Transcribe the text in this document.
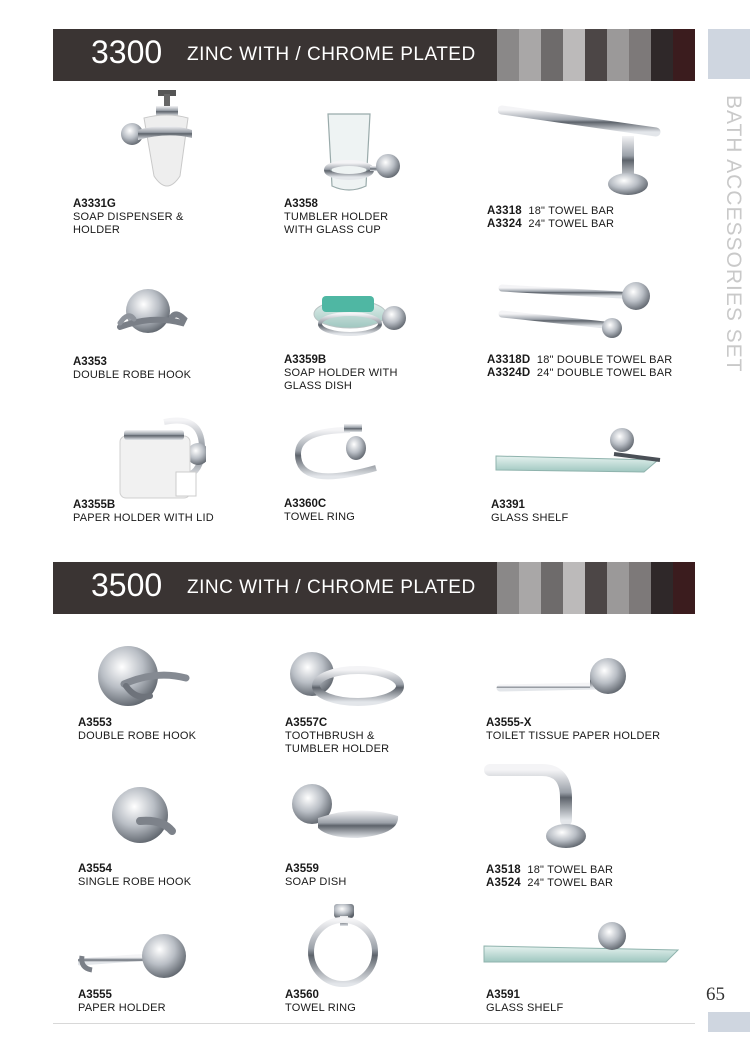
3300 ZINC WITH / CHROME PLATED
3500 ZINC WITH / CHROME PLATED
BATH ACCESSORIES SET
65
A3331G
SOAP DISPENSER &
HOLDER
A3358
TUMBLER HOLDER
WITH GLASS CUP
A3318 18" TOWEL BAR
A3324 24" TOWEL BAR
A3353
DOUBLE ROBE HOOK
A3359B
SOAP HOLDER WITH
GLASS DISH
A3318D 18" DOUBLE TOWEL BAR
A3324D 24" DOUBLE TOWEL BAR
A3355B
PAPER HOLDER WITH LID
A3360C
TOWEL RING
A3391
GLASS SHELF
A3553
DOUBLE ROBE HOOK
A3557C
TOOTHBRUSH &
TUMBLER HOLDER
A3555-X
TOILET TISSUE PAPER HOLDER
A3554
SINGLE ROBE HOOK
A3559
SOAP DISH
A3518 18" TOWEL BAR
A3524 24" TOWEL BAR
A3555
PAPER HOLDER
A3560
TOWEL RING
A3591
GLASS SHELF
